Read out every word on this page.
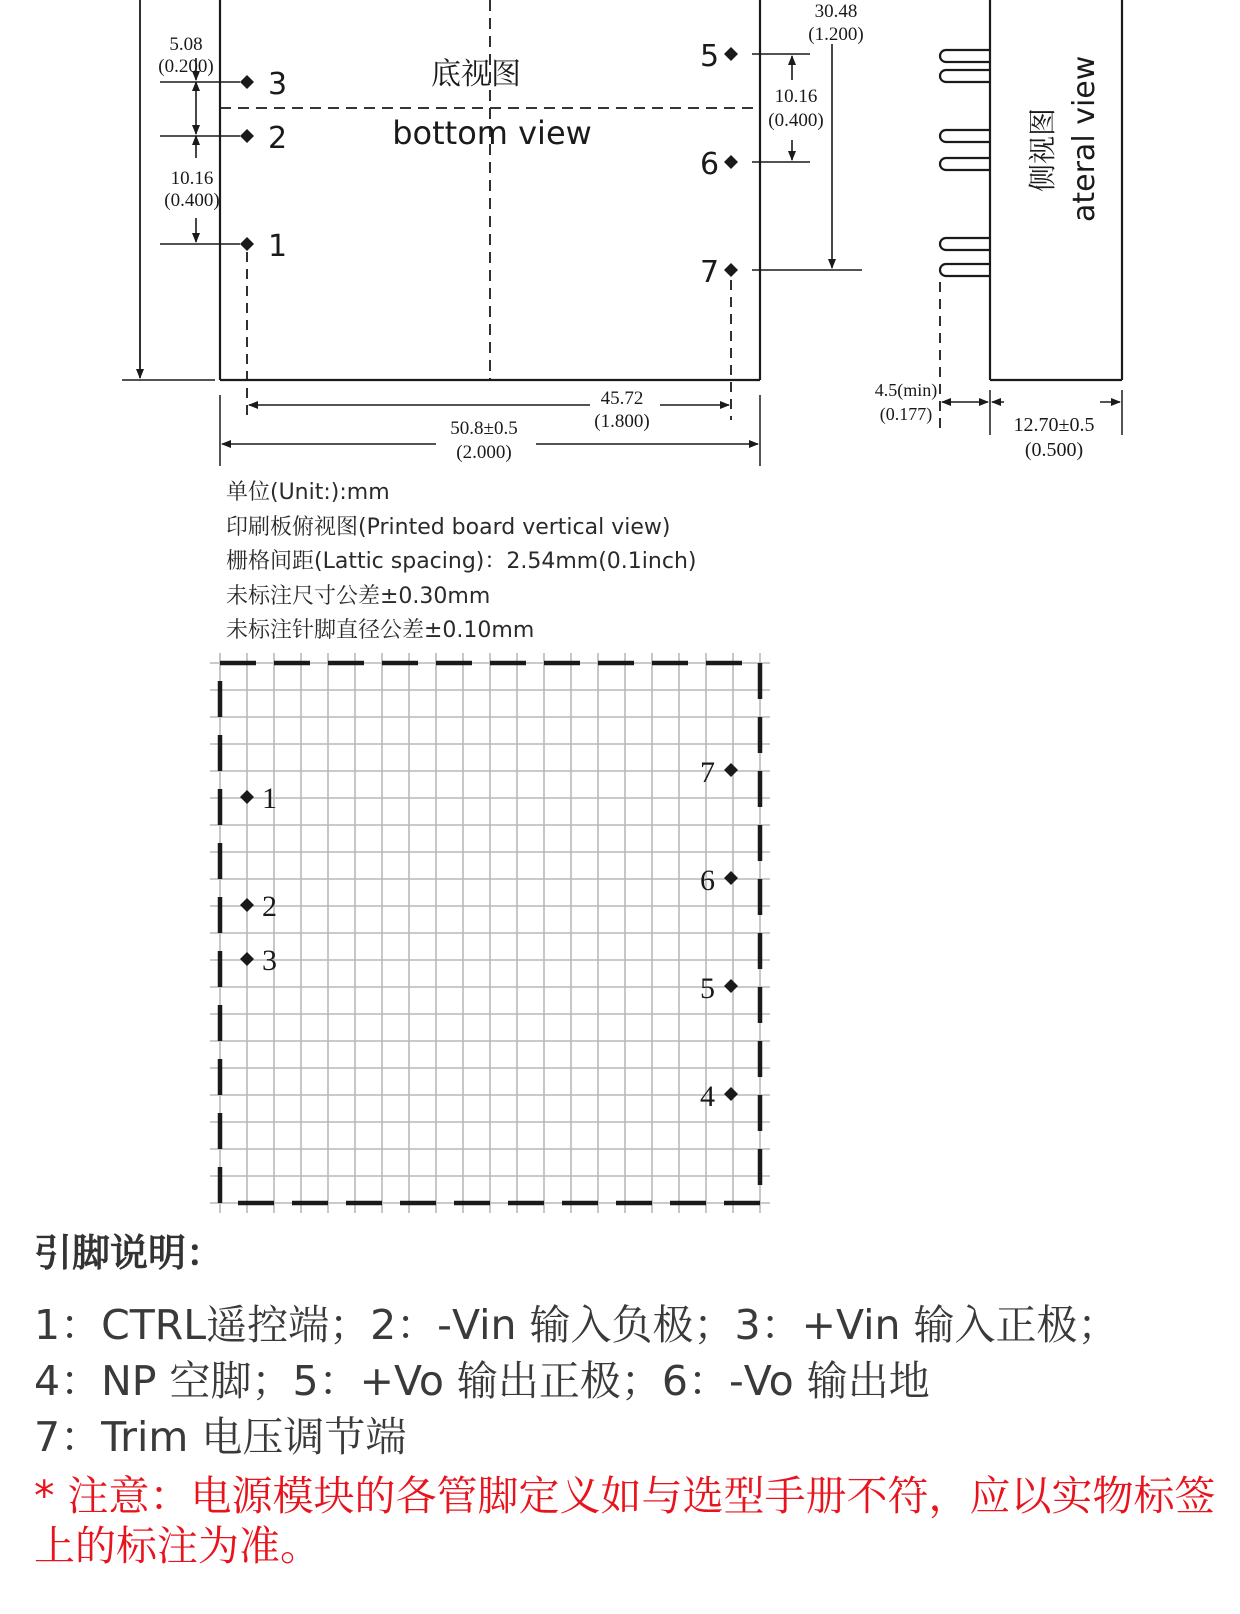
3
2
1
5
6
7
底视图
bottom view
5.08
(0.200)
10.16
(0.400)
10.16
(0.400)
30.48
(1.200)
45.72
(1.800)
50.8±0.5
(2.000)
侧视图 ateral view
4.5(min)
(0.177)	12.70±0.5
(0.500)
1
2
3
7
6
5
4
单位(Unit:):mm
印刷板俯视图(Printed board vertical view)
栅格间距(Lattic spacing)：2.54mm(0.1inch)
未标注尺寸公差±0.30mm
未标注针脚直径公差±0.10mm
引脚说明：
1：CTRL遥控端；2：-Vin 输入负极；3：+Vin 输入正极；
4：NP 空脚；5：+Vo 输出正极；6：-Vo 输出地
7：Trim 电压调节端
* 注意：电源模块的各管脚定义如与选型手册不符，应以实物标签上的标注为准。
